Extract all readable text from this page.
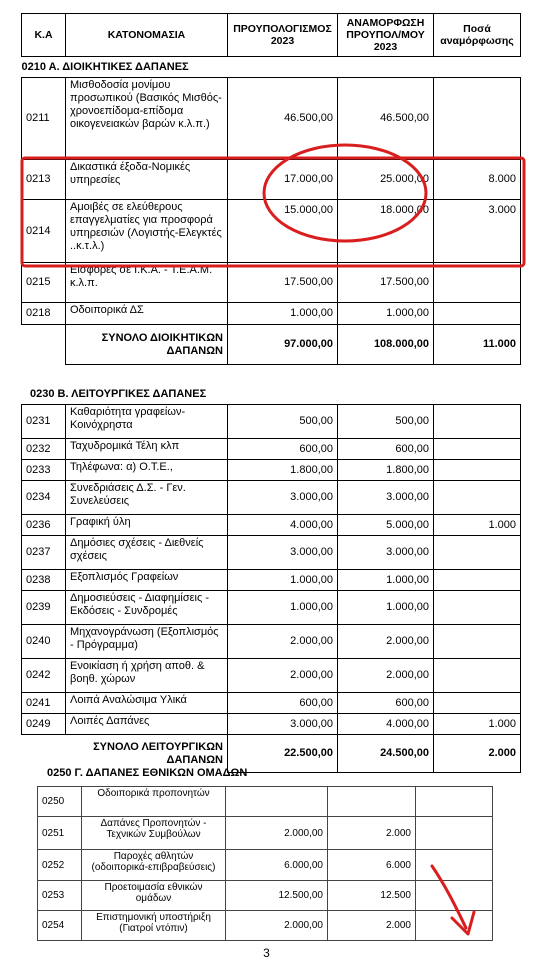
Κ.Α	ΚΑΤΟΝΟΜΑΣΙΑ	ΠΡΟΥΠΟΛΟΓΙΣΜΟΣ 2023	ΑΝΑΜΟΡΦΩΣΗ ΠΡΟΥΠΟΛ/ΜΟΥ 2023	Ποσά αναμόρφωσης
0210 Α. ΔΙΟΙΚΗΤΙΚΕΣ ΔΑΠΑΝΕΣ				
0211	Μισθοδοσία μονίμου προσωπικού (Βασικός Μισθός-χρονοεπίδομα-επίδομα οικογενειακών βαρών κ.λ.π.)	46.500,00	46.500,00	
0213	Δικαστικά έξοδα-Νομικές υπηρεσίες	17.000,00	25.000,00	8.000
0214	Αμοιβές σε ελεύθερους επαγγελματίες για προσφορά υπηρεσιών (Λογιστής-Ελεγκτές ..κ.τ.λ.)	15.000,00	18.000,00	3.000
0215	Εισφορές σε Ι.Κ.Α. - Τ.Ε.Α.Μ. κ.λ.π.	17.500,00	17.500,00	
0218	Οδοιπορικά ΔΣ	1.000,00	1.000,00	
	ΣΥΝΟΛΟ ΔΙΟΙΚΗΤΙΚΩΝ ΔΑΠΑΝΩΝ	97.000,00	108.000,00	11.000
0230 Β. ΛΕΙΤΟΥΡΓΙΚΕΣ ΔΑΠΑΝΕΣ
0231	Καθαριότητα γραφείων-Κοινόχρηστα	500,00	500,00	
0232	Ταχυδρομικά Τέλη κλπ	600,00	600,00	
0233	Τηλέφωνα: α) Ο.Τ.Ε.,	1.800,00	1.800,00	
0234	Συνεδριάσεις Δ.Σ. - Γεν. Συνελεύσεις	3.000,00	3.000,00	
0236	Γραφική ύλη	4.000,00	5.000,00	1.000
0237	Δημόσιες σχέσεις - Διεθνείς σχέσεις	3.000,00	3.000,00	
0238	Εξοπλισμός Γραφείων	1.000,00	1.000,00	
0239	Δημοσιεύσεις - Διαφημίσεις - Εκδόσεις - Συνδρομές	1.000,00	1.000,00	
0240	Μηχανογράνωση (Εξοπλισμός - Πρόγραμμα)	2.000,00	2.000,00	
0242	Ενοικίαση ή χρήση αποθ. & βοηθ. χώρων	2.000,00	2.000,00	
0241	Λοιπά Αναλώσιμα Υλικά	600,00	600,00	
0249	Λοιπές Δαπάνες	3.000,00	4.000,00	1.000
	ΣΥΝΟΛΟ ΛΕΙΤΟΥΡΓΙΚΩΝ ΔΑΠΑΝΩΝ	22.500,00	24.500,00	2.000
0250 Γ. ΔΑΠΑΝΕΣ ΕΘΝΙΚΩΝ ΟΜΑΔΩΝ
0250	Οδοιπορικά προπονητών			
0251	Δαπάνες Προπονητών - Τεχνικών Συμβούλων	2.000,00	2.000	
0252	Παροχές αθλητών (οδοιπορικά-επιβραβεύσεις)	6.000,00	6.000	
0253	Προετοιμασία εθνικών ομάδων	12.500,00	12.500	
0254	Επιστημονική υποστήριξη (Γιατροί ντόπιν)	2.000,00	2.000	
3
